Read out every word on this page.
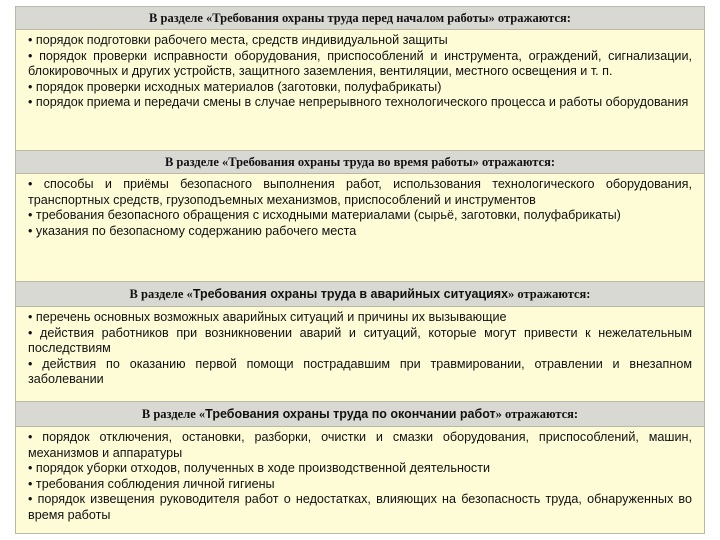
В разделе «Требования охраны труда перед началом работы» отражаются:

• порядок подготовки рабочего места, средств индивидуальной защиты

• порядок проверки исправности оборудования, приспособлений и инструмента, ограждений, сигнализации, блокировочных и других устройств, защитного заземления, вентиляции, местного освещения и т. п.

• порядок проверки исходных материалов (заготовки, полуфабрикаты)

• порядок приема и передачи смены в случае непрерывного технологического процесса и работы оборудования

В разделе «Требования охраны труда во время работы» отражаются:

• способы и приёмы безопасного выполнения работ, использования технологического оборудования, транспортных средств, грузоподъемных механизмов, приспособлений и инструментов

• требования безопасного обращения с исходными материалами (сырьё, заготовки, полуфабрикаты)

• указания по безопасному содержанию рабочего места

В разделе «Требования охраны труда в аварийных ситуациях» отражаются:

• перечень основных возможных аварийных ситуаций и причины их вызывающие

• действия работников при возникновении аварий и ситуаций, которые могут привести к нежелательным последствиям

• действия по оказанию первой помощи пострадавшим при травмировании, отравлении и внезапном заболевании

В разделе «Требования охраны труда по окончании работ» отражаются:

• порядок отключения, остановки, разборки, очистки и смазки оборудования, приспособлений, машин, механизмов и аппаратуры

• порядок уборки отходов, полученных в ходе производственной деятельности

• требования соблюдения личной гигиены

• порядок извещения руководителя работ о недостатках, влияющих на безопасность труда, обнаруженных во время работы
